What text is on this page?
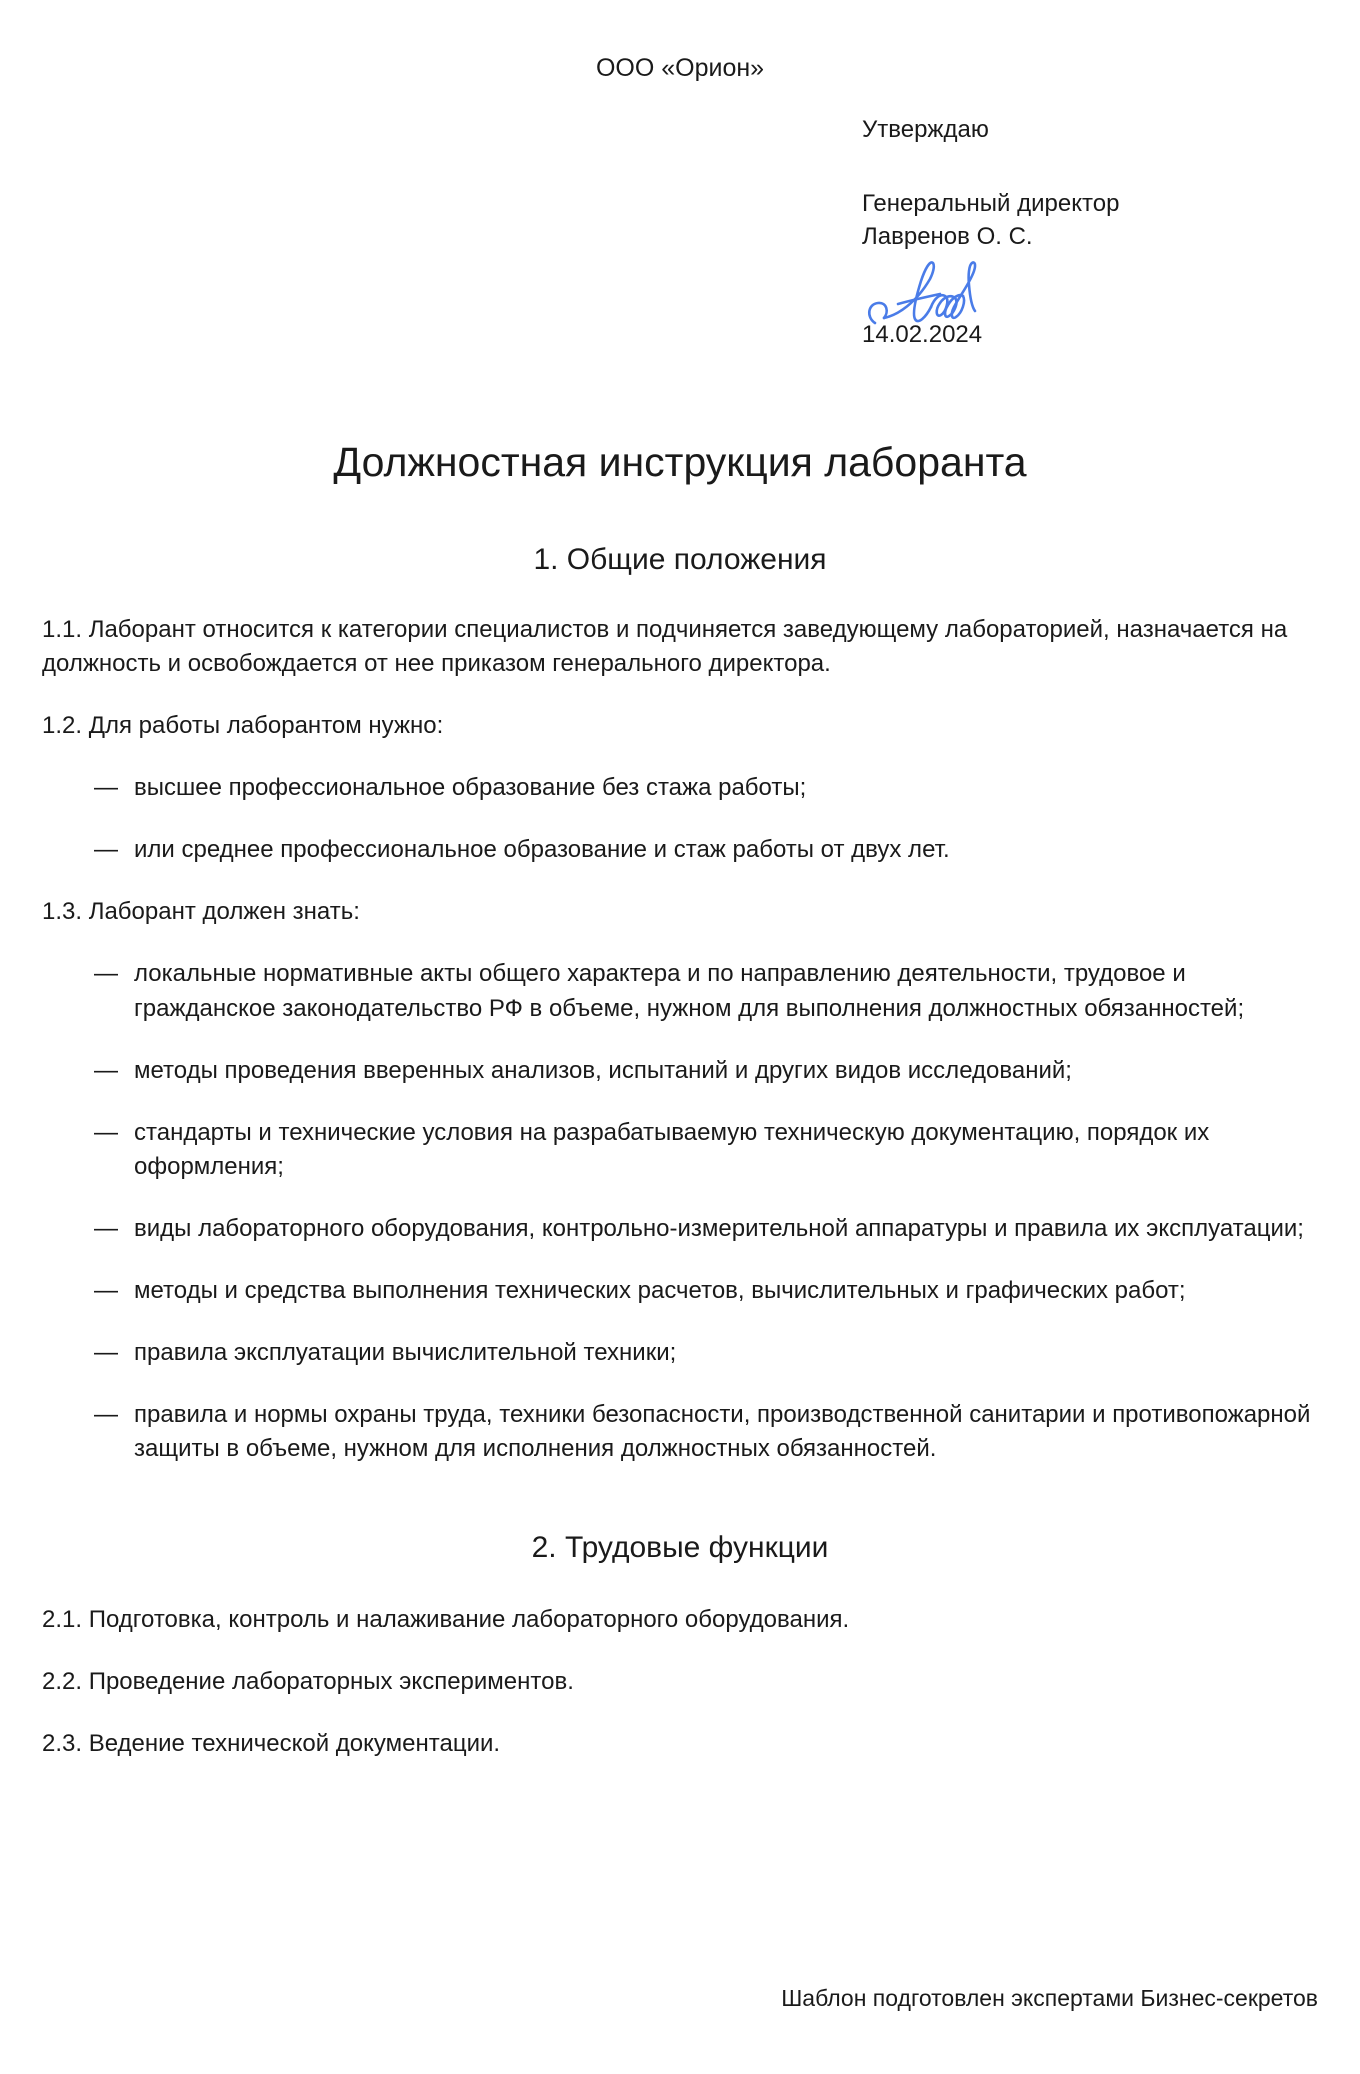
ООО «Орион»

Утверждаю

Генеральный директор

Лавренов О. С.

14.02.2024
Должностная инструкция лаборанта
1. Общие положения

1.1. Лаборант относится к категории специалистов и подчиняется заведующему лабораторией, назначается на должность и освобождается от нее приказом генерального директора.

1.2. Для работы лаборантом нужно:

— высшее профессиональное образование без стажа работы;
— или среднее профессиональное образование и стаж работы от двух лет.

1.3. Лаборант должен знать:

— локальные нормативные акты общего характера и по направлению деятельности, трудовое и гражданское законодательство РФ в объеме, нужном для выполнения должностных обязанностей;
— методы проведения вверенных анализов, испытаний и других видов исследований;
— стандарты и технические условия на разрабатываемую техническую документацию, порядок их оформления;
— виды лабораторного оборудования, контрольно-измерительной аппаратуры и правила их эксплуатации;
— методы и средства выполнения технических расчетов, вычислительных и графических работ;
— правила эксплуатации вычислительной техники;
— правила и нормы охраны труда, техники безопасности, производственной санитарии и противопожарной защиты в объеме, нужном для исполнения должностных обязанностей.
2. Трудовые функции

2.1. Подготовка, контроль и налаживание лабораторного оборудования.

2.2. Проведение лабораторных экспериментов.

2.3. Ведение технической документации.

Шаблон подготовлен экспертами Бизнес-секретов
